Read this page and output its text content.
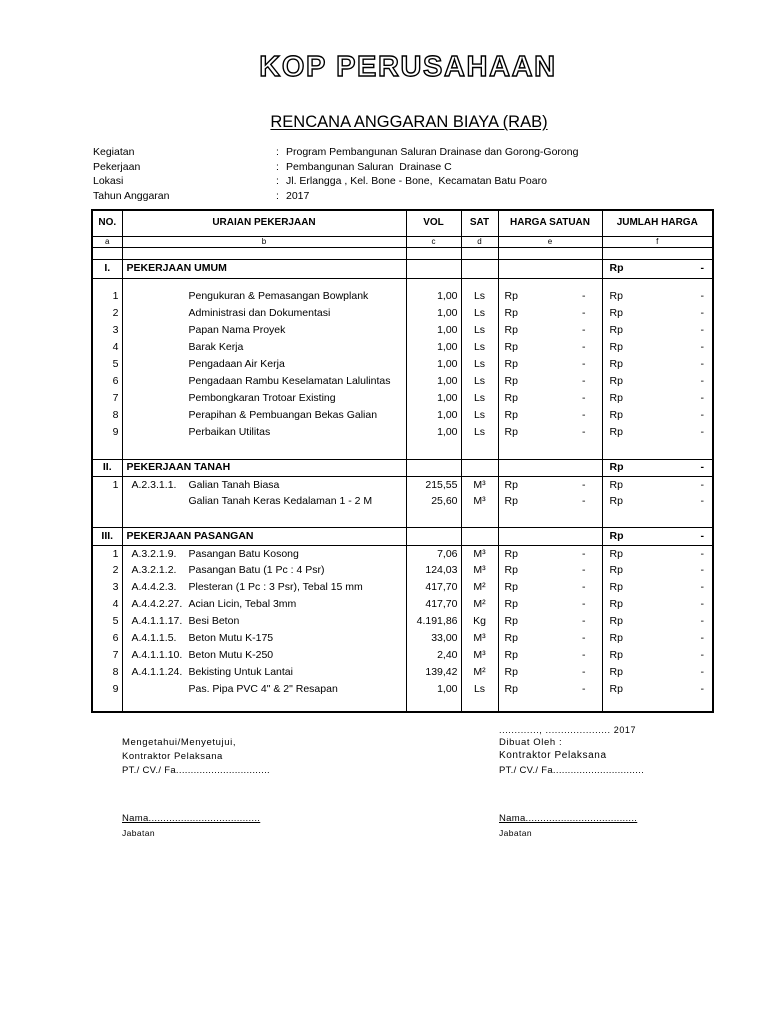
KOP PERUSAHAAN
RENCANA ANGGARAN BIAYA (RAB)
Kegiatan	: Program Pembangunan Saluran Drainase dan Gorong-Gorong
Pekerjaan	: Pembangunan Saluran  Drainase C
Lokasi	: Jl. Erlangga , Kel. Bone - Bone,  Kecamatan Batu Poaro
Tahun Anggaran	: 2017
NO.	URAIAN PEKERJAAN	VOL	SAT	HARGA SATUAN	JUMLAH HARGA
a	b	c	d	e	f

I.	PEKERJAAN UMUM				Rp -

1	Pengukuran & Pemasangan Bowplank	1,00	Ls	Rp -	Rp -

2	Administrasi dan Dokumentasi	1,00	Ls	Rp -	Rp -

3	Papan Nama Proyek	1,00	Ls	Rp -	Rp -

4	Barak Kerja	1,00	Ls	Rp -	Rp -

5	Pengadaan Air Kerja	1,00	Ls	Rp -	Rp -

6	Pengadaan Rambu Keselamatan Lalulintas	1,00	Ls	Rp -	Rp -

7	Pembongkaran Trotoar Existing	1,00	Ls	Rp -	Rp -

8	Perapihan & Pembuangan Bekas Galian	1,00	Ls	Rp -	Rp -

9	Perbaikan Utilitas	1,00	Ls	Rp -	Rp -

II.	PEKERJAAN TANAH				Rp -

1	A.2.3.1.1. Galian Tanah Biasa	215,55	M³	Rp -	Rp -

	Galian Tanah Keras Kedalaman 1 - 2 M	25,60	M³	Rp -	Rp -

III.	PEKERJAAN PASANGAN				Rp -

1	A.3.2.1.9. Pasangan Batu Kosong	7,06	M³	Rp -	Rp -

2	A.3.2.1.2. Pasangan Batu (1 Pc : 4 Psr)	124,03	M³	Rp -	Rp -

3	A.4.4.2.3. Plesteran (1 Pc : 3 Psr), Tebal 15 mm	417,70	M²	Rp -	Rp -

4	A.4.4.2.27. Acian Licin, Tebal 3mm	417,70	M²	Rp -	Rp -

5	A.4.1.1.17. Besi Beton	4.191,86	Kg	Rp -	Rp -

6	A.4.1.1.5. Beton Mutu K-175	33,00	M³	Rp -	Rp -

7	A.4.1.1.10. Beton Mutu K-250	2,40	M³	Rp -	Rp -

8	A.4.1.1.24. Bekisting Untuk Lantai	139,42	M²	Rp -	Rp -

9	Pas. Pipa PVC 4" & 2" Resapan	1,00	Ls	Rp -	Rp -

............., ..................... 2017
Mengetahui/Menyetujui,
Kontraktor Pelaksana
PT./ CV./ Fa................................
Nama......................................
Jabatan
Dibuat Oleh :
Kontraktor Pelaksana
PT./ CV./ Fa...............................
Nama......................................
Jabatan
